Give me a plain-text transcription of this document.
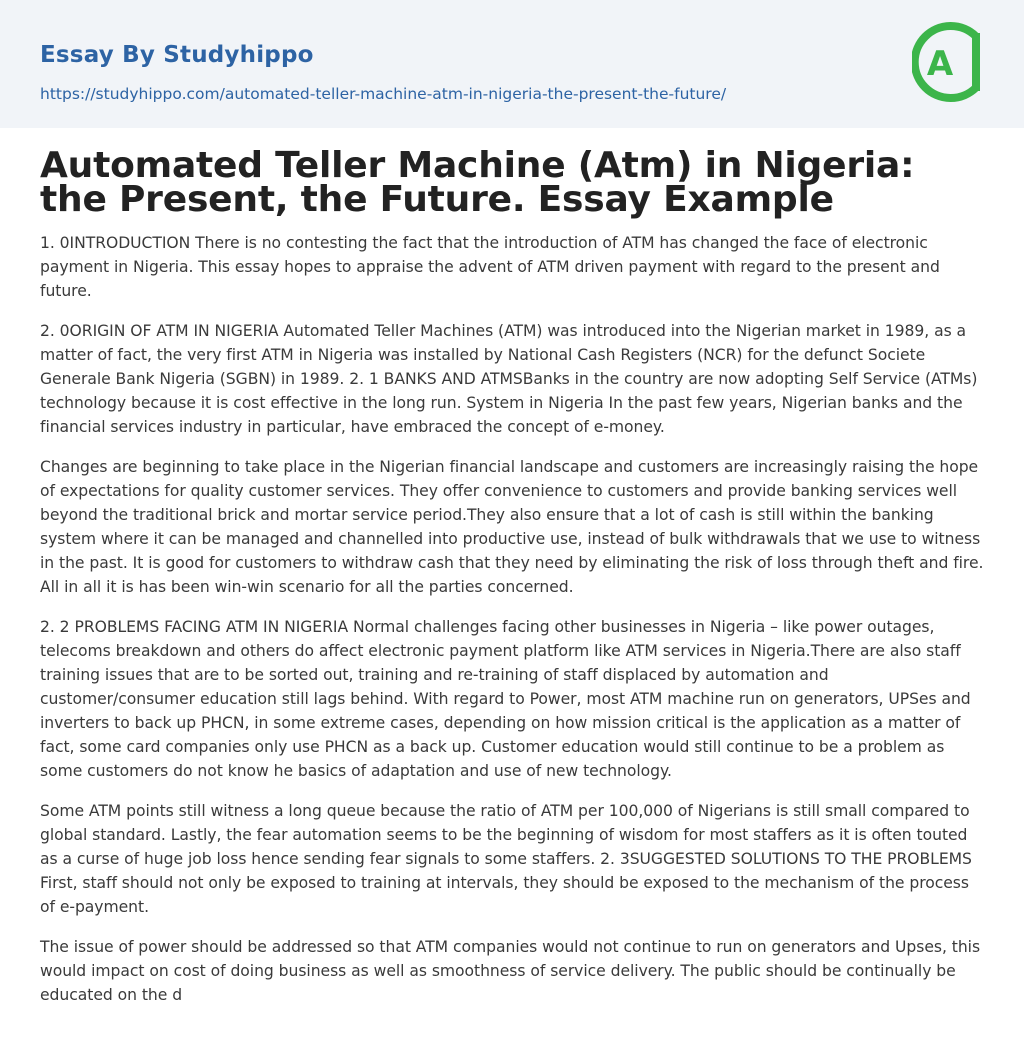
Essay By Studyhippo
https://studyhippo.com/automated-teller-machine-atm-in-nigeria-the-present-the-future/
A
Automated Teller Machine (Atm) in Nigeria: the Present, the Future. Essay Example

1. 0INTRODUCTION There is no contesting the fact that the introduction of ATM has changed the face of electronic payment in Nigeria. This essay hopes to appraise the advent of ATM driven payment with regard to the present and future.

2. 0ORIGIN OF ATM IN NIGERIA Automated Teller Machines (ATM) was introduced into the Nigerian market in 1989, as a matter of fact, the very first ATM in Nigeria was installed by National Cash Registers (NCR) for the defunct Societe Generale Bank Nigeria (SGBN) in 1989. 2. 1 BANKS AND ATMSBanks in the country are now adopting Self Service (ATMs) technology because it is cost effective in the long run. System in Nigeria In the past few years, Nigerian banks and the financial services industry in particular, have embraced the concept of e-money.

Changes are beginning to take place in the Nigerian financial landscape and customers are increasingly raising the hope of expectations for quality customer services. They offer convenience to customers and provide banking services well beyond the traditional brick and mortar service period.They also ensure that a lot of cash is still within the banking system where it can be managed and channelled into productive use, instead of bulk withdrawals that we use to witness in the past. It is good for customers to withdraw cash that they need by eliminating the risk of loss through theft and fire. All in all it is has been win-win scenario for all the parties concerned.

2. 2 PROBLEMS FACING ATM IN NIGERIA Normal challenges facing other businesses in Nigeria – like power outages, telecoms breakdown and others do affect electronic payment platform like ATM services in Nigeria.There are also staff training issues that are to be sorted out, training and re-training of staff displaced by automation and customer/consumer education still lags behind. With regard to Power, most ATM machine run on generators, UPSes and inverters to back up PHCN, in some extreme cases, depending on how mission critical is the application as a matter of fact, some card companies only use PHCN as a back up. Customer education would still continue to be a problem as some customers do not know he basics of adaptation and use of new technology.

Some ATM points still witness a long queue because the ratio of ATM per 100,000 of Nigerians is still small compared to global standard. Lastly, the fear automation seems to be the beginning of wisdom for most staffers as it is often touted as a curse of huge job loss hence sending fear signals to some staffers. 2. 3SUGGESTED SOLUTIONS TO THE PROBLEMS First, staff should not only be exposed to training at intervals, they should be exposed to the mechanism of the process of e-payment.

The issue of power should be addressed so that ATM companies would not continue to run on generators and Upses, this would impact on cost of doing business as well as smoothness of service delivery. The public should be continually be educated on the d
